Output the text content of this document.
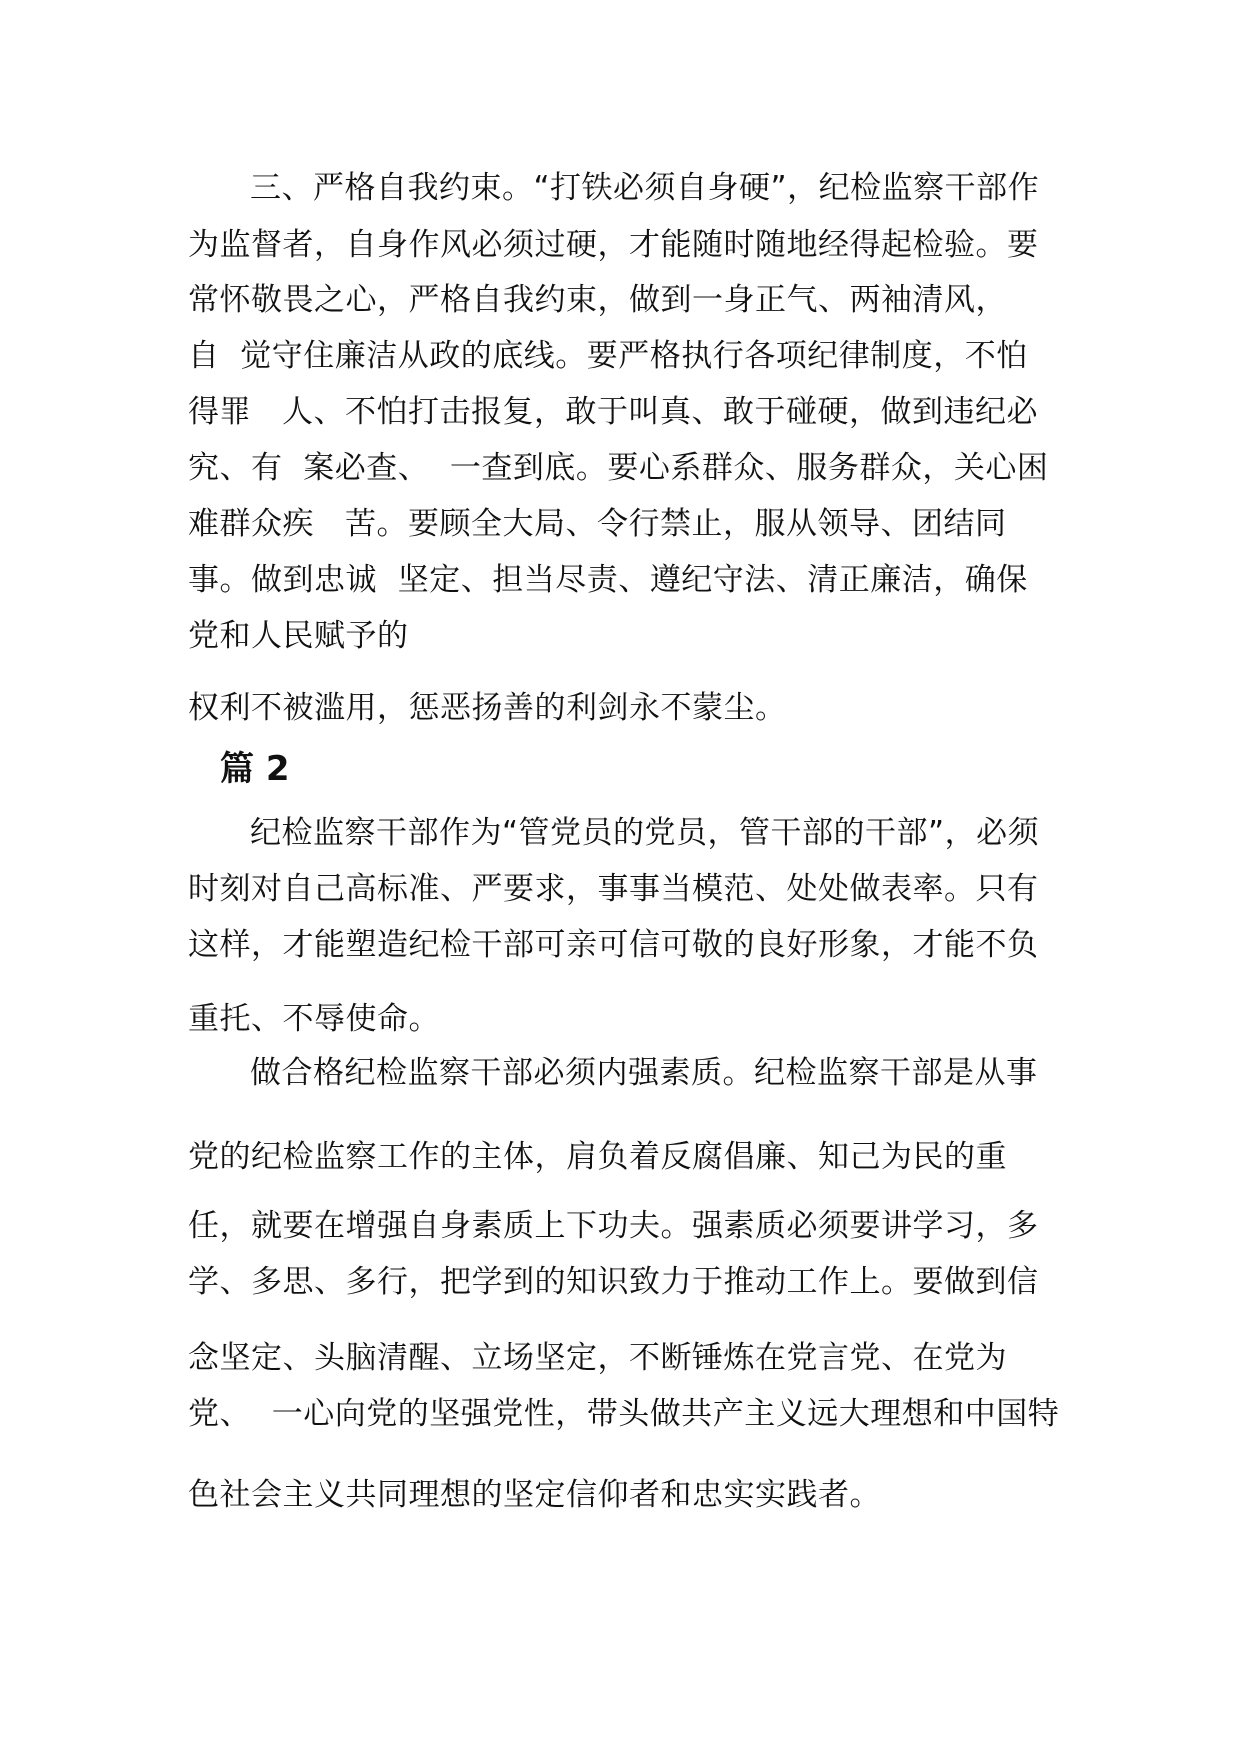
三、严格自我约束。“打铁必须自身硬”，纪检监察干部作
为监督者，自身作风必须过硬，才能随时随地经得起检验。要
常怀敬畏之心，严格自我约束，做到一身正气、两袖清风，
自  觉守住廉洁从政的底线。要严格执行各项纪律制度，不怕
得罪   人、不怕打击报复，敢于叫真、敢于碰硬，做到违纪必
究、有  案必查、  一查到底。要心系群众、服务群众，关心困
难群众疾   苦。要顾全大局、令行禁止，服从领导、团结同
事。做到忠诚  坚定、担当尽责、遵纪守法、清正廉洁，确保
党和人民赋予的
权利不被滥用，惩恶扬善的利剑永不蒙尘。
篇 2
纪检监察干部作为“管党员的党员，管干部的干部”，必须
时刻对自己高标准、严要求，事事当模范、处处做表率。只有
这样，才能塑造纪检干部可亲可信可敬的良好形象，才能不负
重托、不辱使命。
做合格纪检监察干部必须内强素质。纪检监察干部是从事
党的纪检监察工作的主体，肩负着反腐倡廉、知己为民的重
任，就要在增强自身素质上下功夫。强素质必须要讲学习，多
学、多思、多行，把学到的知识致力于推动工作上。要做到信
念坚定、头脑清醒、立场坚定，不断锤炼在党言党、在党为
党、  一心向党的坚强党性，带头做共产主义远大理想和中国特
色社会主义共同理想的坚定信仰者和忠实实践者。
